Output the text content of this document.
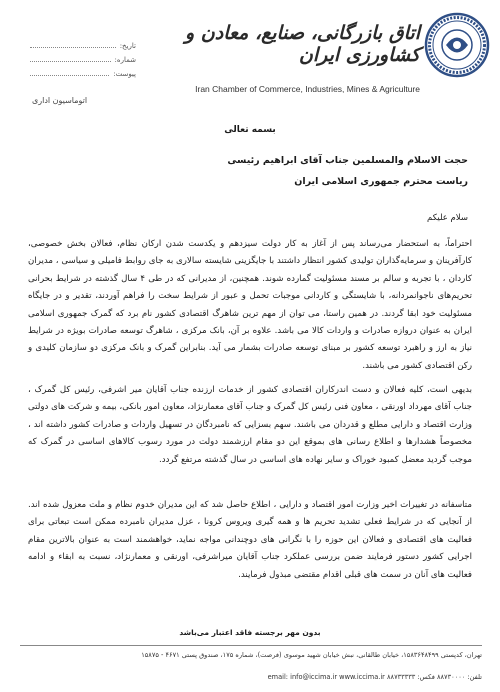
تاریخ:
شماره:
پیوست:
اتوماسیون اداری
اتاق بازرگانی، صنایع، معادن و کشاورزی ایران
Iran Chamber of Commerce, Industries, Mines & Agriculture
بسمه تعالی
حجت الاسلام والمسلمین جناب آقای ابراهیم رئیسی
ریاست محترم جمهوری اسلامی ایران
سلام علیکم
احتراماً، به استحضار می‌رساند پس از آغاز به کار دولت سیزدهم و یکدست شدن ارکان نظام، فعالان بخش خصوصی، کارآفرینان و سرمایه‌گذاران تولیدی کشور انتظار داشتند با جایگزینی شایسته سالاری به جای روابط فامیلی و سیاسی ، مدیران کاردان ، با تجربه و سالم بر مسند مسئولیت گمارده شوند. همچنین، از مدیرانی که در طی ۴ سال گذشته در شرایط بحرانی تحریم‌های ناجوانمردانه، با شایستگی و کاردانی موجبات تحمل و عبور از شرایط سخت را فراهم آوردند، تقدیر و در جایگاه مسئولیت خود ابقا گردند. در همین راستا، می توان از مهم ترین شاهرگ اقتصادی کشور نام برد که گمرک جمهوری اسلامی ایران به عنوان دروازه صادرات و واردات کالا می باشد. علاوه بر آن، بانک مرکزی ، شاهرگ توسعه صادرات بویژه در شرایط نیاز به ارز و راهبرد توسعه کشور بر مبنای توسعه صادرات بشمار می آید. بنابراین گمرک و بانک مرکزی دو سازمان کلیدی و رکن اقتصادی کشور می باشند.
بدیهی است، کلیه فعالان و دست اندرکاران اقتصادی کشور از خدمات ارزنده جناب آقایان میر اشرفی، رئیس کل گمرک ، جناب آقای مهرداد اورنقی ، معاون فنی رئیس کل گمرک و جناب آقای معمارنژاد، معاون امور بانکی، بیمه و شرکت های دولتی وزارت اقتصاد و دارایی مطلع و قدردان می باشند. سهم بسزایی که نامبردگان در تسهیل واردات و صادرات کشور داشته اند ، مخصوصاً هشدارها و اطلاع رسانی های بموقع این دو مقام ارزشمند دولت در مورد رسوب کالاهای اساسی در گمرک که موجب گردید معضل کمبود خوراک و سایر نهاده های اساسی در سال گذشته مرتفع گردد.
متاسفانه در تغییرات اخیر وزارت امور اقتصاد و دارایی ، اطلاع حاصل شد که این مدیران خدوم نظام و ملت معزول شده اند. از آنجایی که در شرایط فعلی تشدید تحریم ها و همه گیری ویروس کرونا ، عزل مدیران نامبرده ممکن است تبعاتی برای فعالیت های اقتصادی و فعالان این حوزه را با نگرانی های دوچندانی مواجه نماید، خواهشمند است به عنوان بالاترین مقام اجرایی کشور دستور فرمایند ضمن بررسی عملکرد جناب آقایان میراشرفی، اورنقی و معمارنژاد، نسبت به ابقاء و ادامه فعالیت های آنان در سمت های قبلی اقدام مقتضی مبذول فرمایند.
بدون مهر برجسته فاقد اعتبار می‌باشد
تهران، کدپستی ۱۵۸۳۶۴۸۴۹۹، خیابان طالقانی، نبش خیابان شهید موسوی (فرصت)، شماره ۱۷۵، صندوق پستی ۴۶۷۱ - ۱۵۸۷۵
تلفن: ۸۸۷۳۰۰۰۰ فکس: ۸۸۷۳۳۳۳۳ email: info@iccima.ir www.iccima.ir
